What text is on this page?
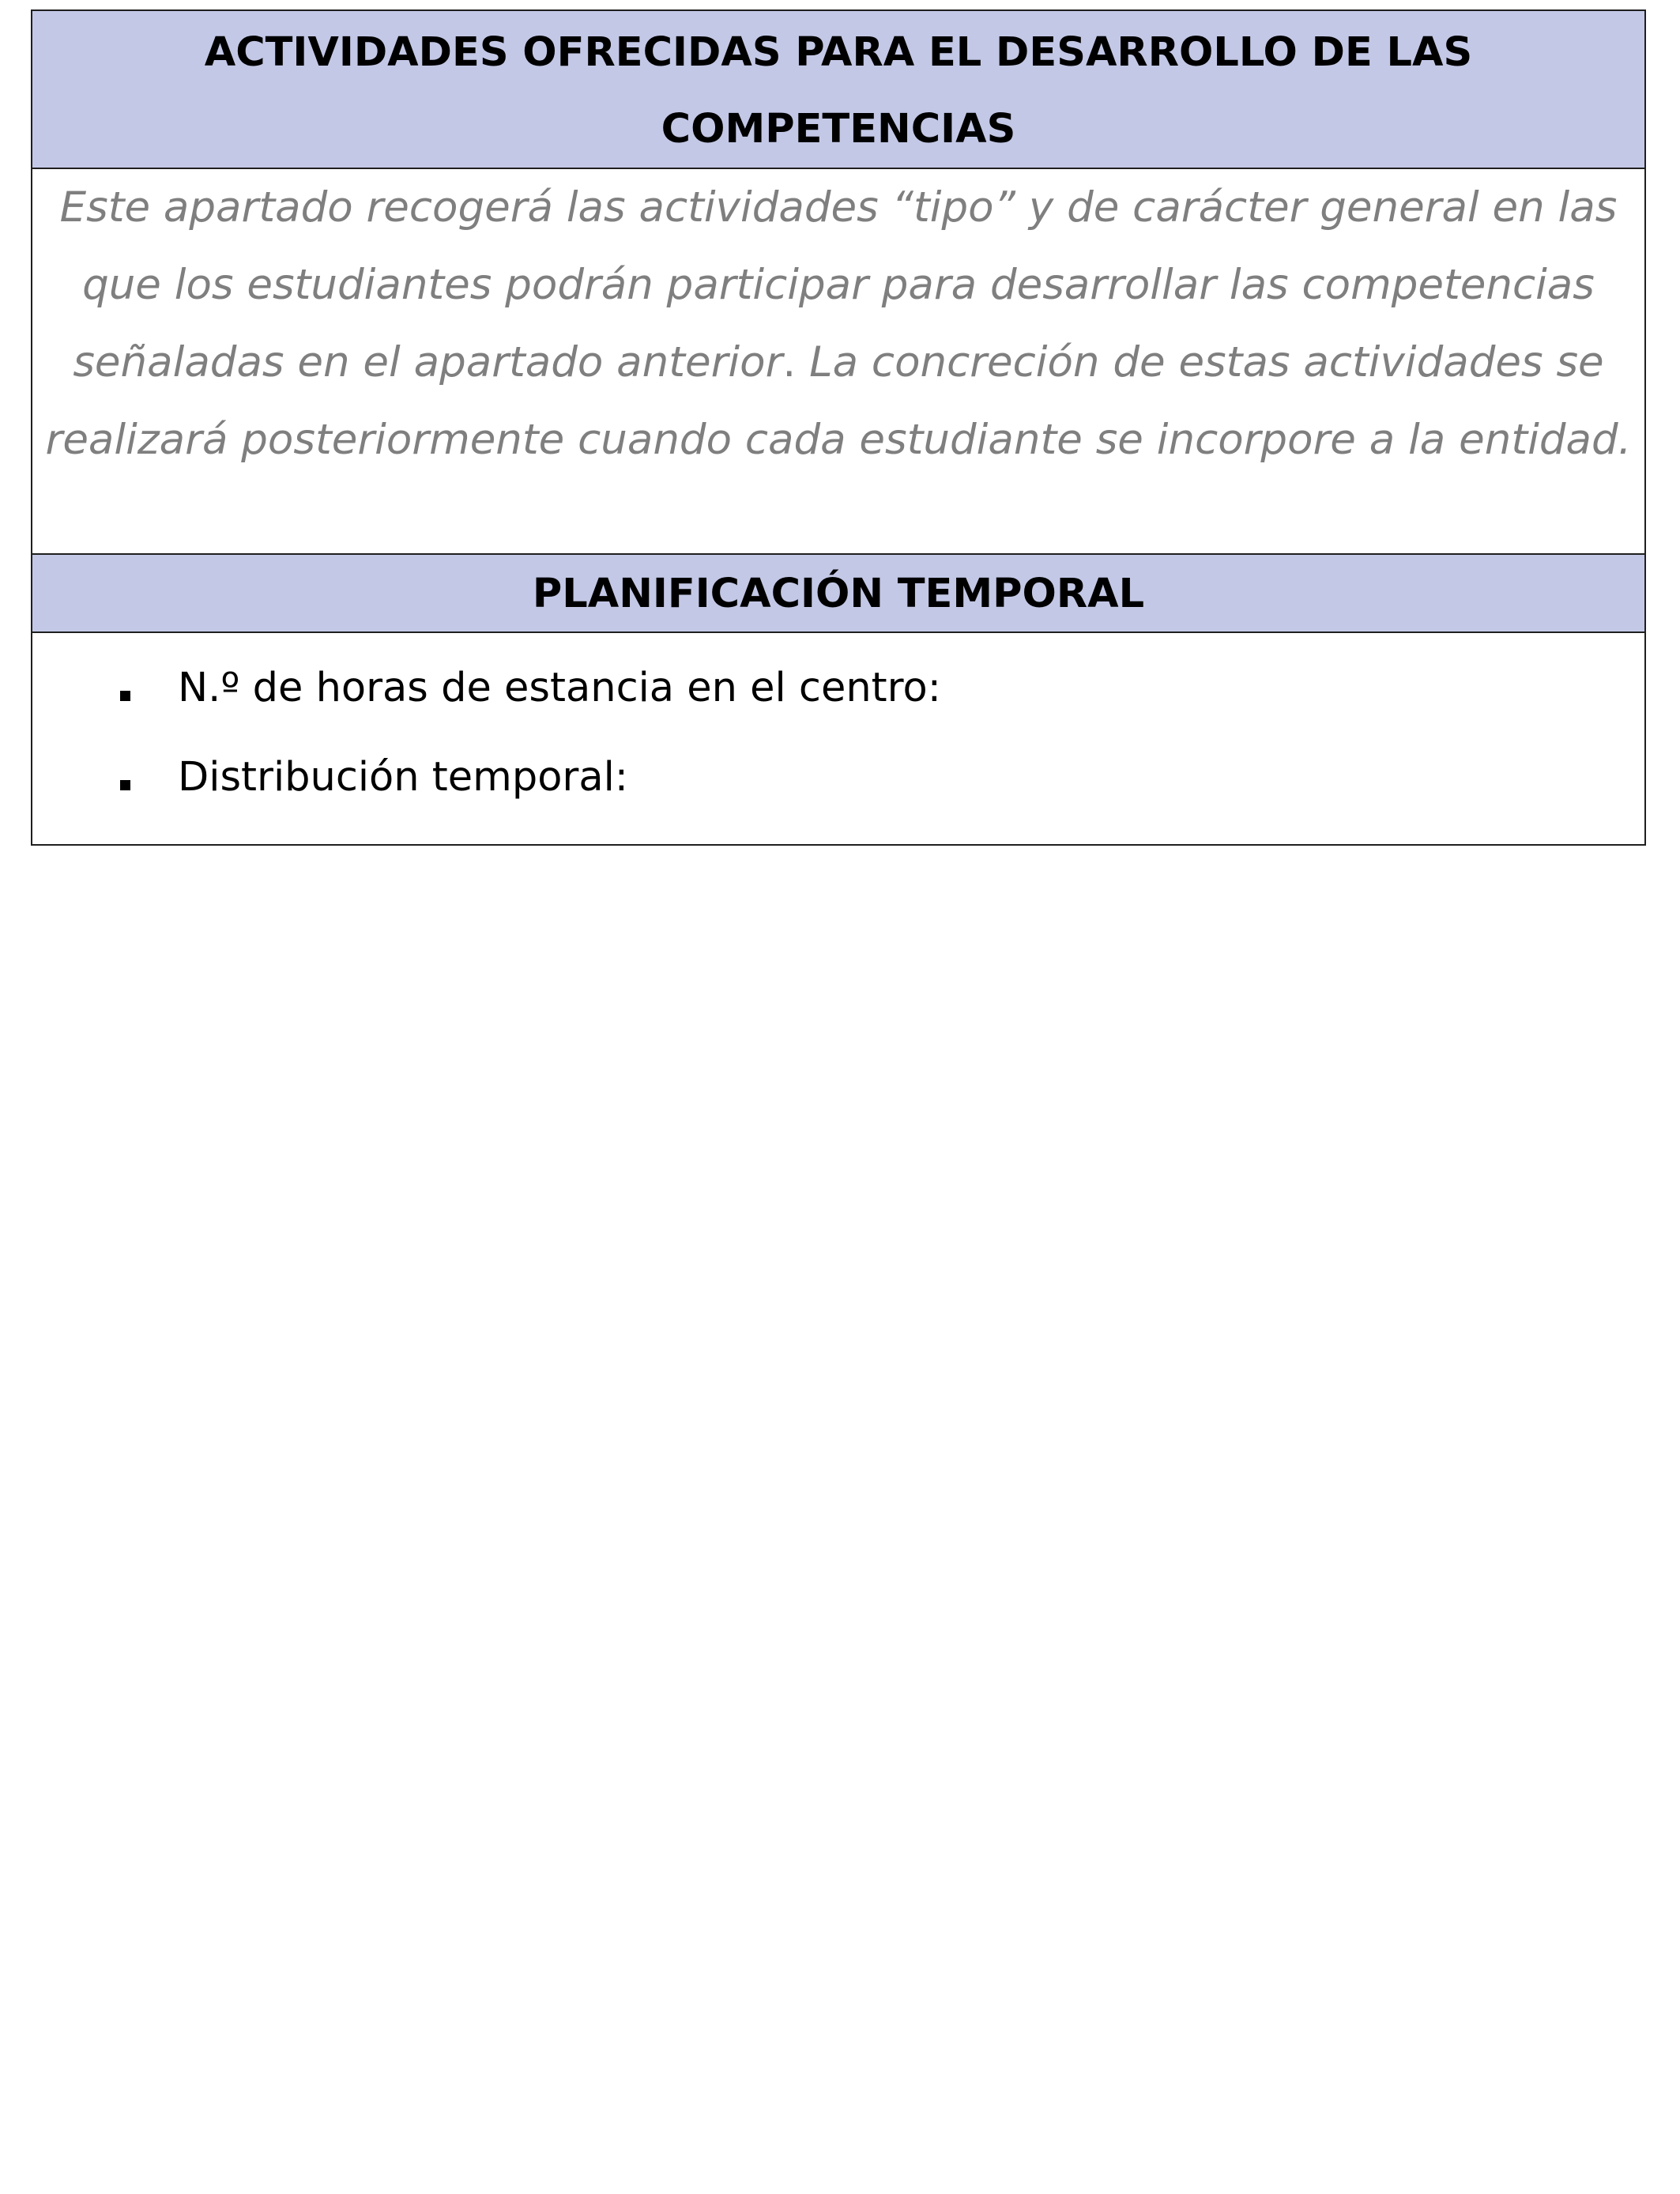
ACTIVIDADES OFRECIDAS PARA EL DESARROLLO DE LAS
COMPETENCIAS
Este apartado recogerá las actividades “tipo” y de carácter general en las que los estudiantes podrán participar para desarrollar las competencias señaladas en el apartado anterior. La concreción de estas actividades se realizará posteriormente cuando cada estudiante se incorpore a la entidad.
PLANIFICACIÓN TEMPORAL
N.º de horas de estancia en el centro:
Distribución temporal:
